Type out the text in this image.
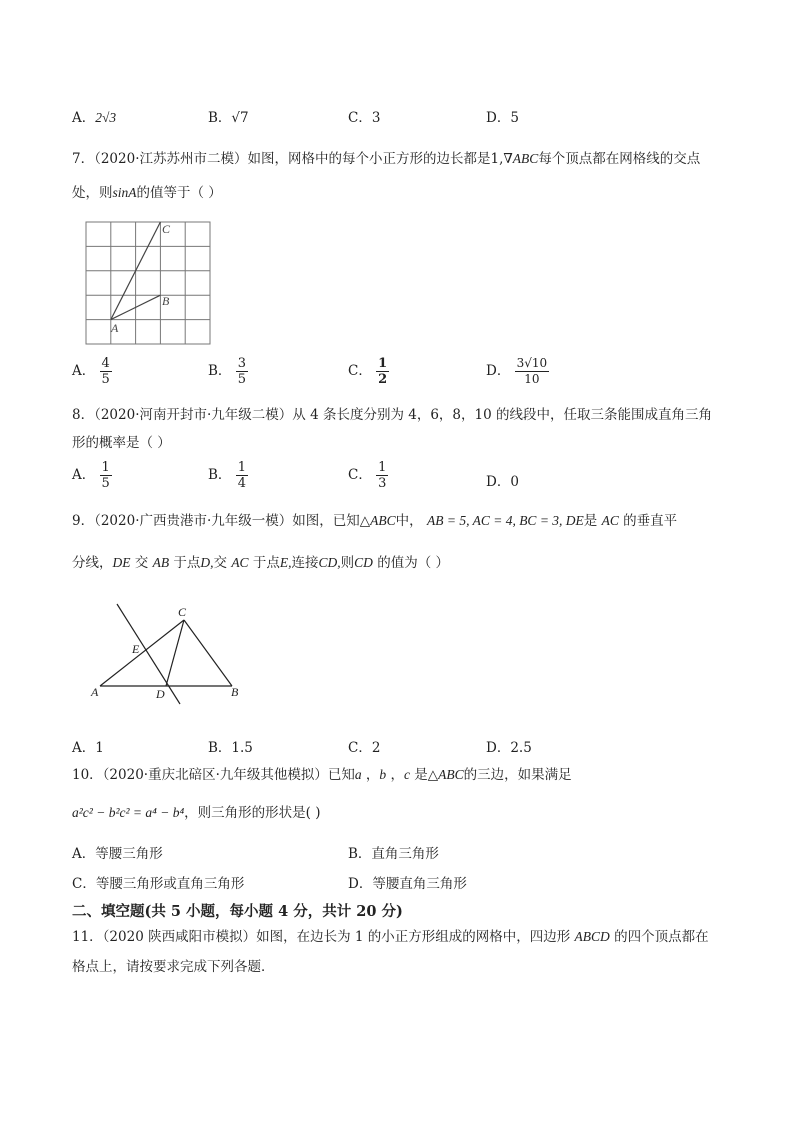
A．2√3	B．√7	C．3	D．5
7．（2020·江苏苏州市二模）如图，网格中的每个小正方形的边长都是1,∇ABC每个顶点都在网格线的交点
处，则sinA的值等于（ ）
C
B
A
A． $\frac{4}{5}$	B． $\frac{3}{5}$	C． $\frac{1}{2}$	D． $\frac{3√10}{10}$
8．（2020·河南开封市·九年级二模）从 4 条长度分别为 4，6，8，10 的线段中，任取三条能围成直角三角
形的概率是（ ）
A． $\frac{1}{5}$	B． $\frac{1}{4}$	C． $\frac{1}{3}$	D．0
9．（2020·广西贵港市·九年级一模）如图，已知△ABC中， AB = 5, AC = 4, BC = 3, DE是 AC 的垂直平
分线，DE 交 AB 于点D,交 AC 于点E,连接CD,则CD 的值为（ ）
C
E
A	D	B
A．1	B．1.5	C．2	D．2.5
10．（2020·重庆北碚区·九年级其他模拟）已知a ，b ，c 是△ABC的三边，如果满足
a²c² − b²c² = a⁴ − b⁴，则三角形的形状是( )
A．等腰三角形	B．直角三角形
C．等腰三角形或直角三角形	D．等腰直角三角形
二、填空题(共 5 小题，每小题 4 分，共计 20 分)
11．（2020 陕西咸阳市模拟）如图，在边长为 1 的小正方形组成的网格中，四边形 ABCD 的四个顶点都在
格点上，请按要求完成下列各题．
